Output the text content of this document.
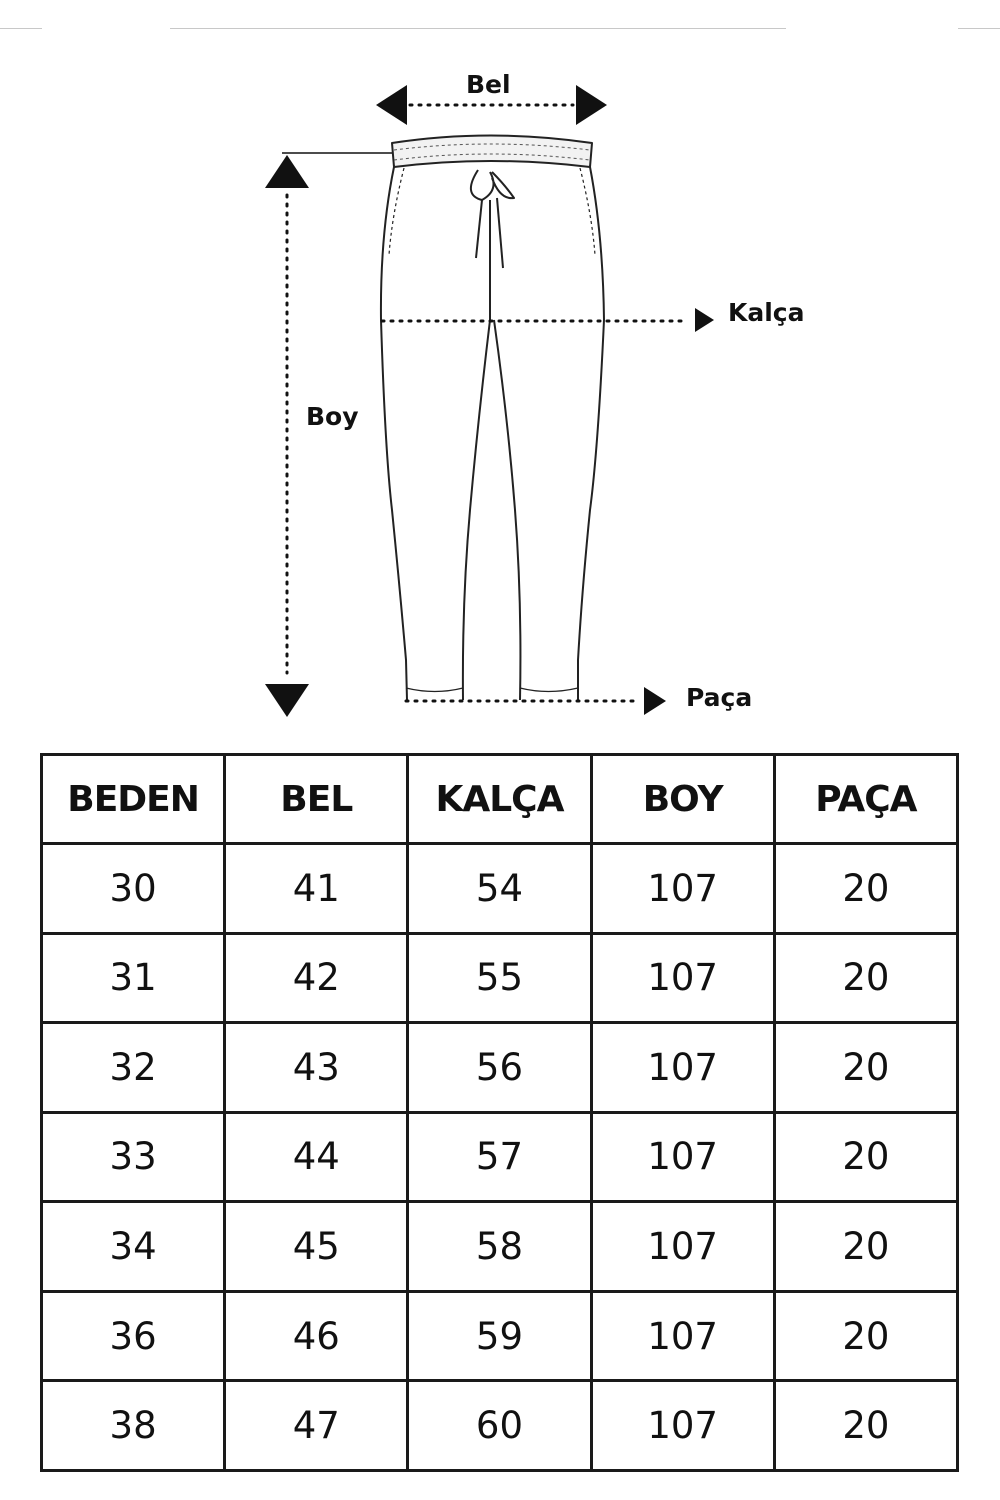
Bel
Kalça
Boy
Paça
BEDEN	BEL	KALÇA	BOY	PAÇA
30	41	54	107	20
31	42	55	107	20
32	43	56	107	20
33	44	57	107	20
34	45	58	107	20
36	46	59	107	20
38	47	60	107	20
